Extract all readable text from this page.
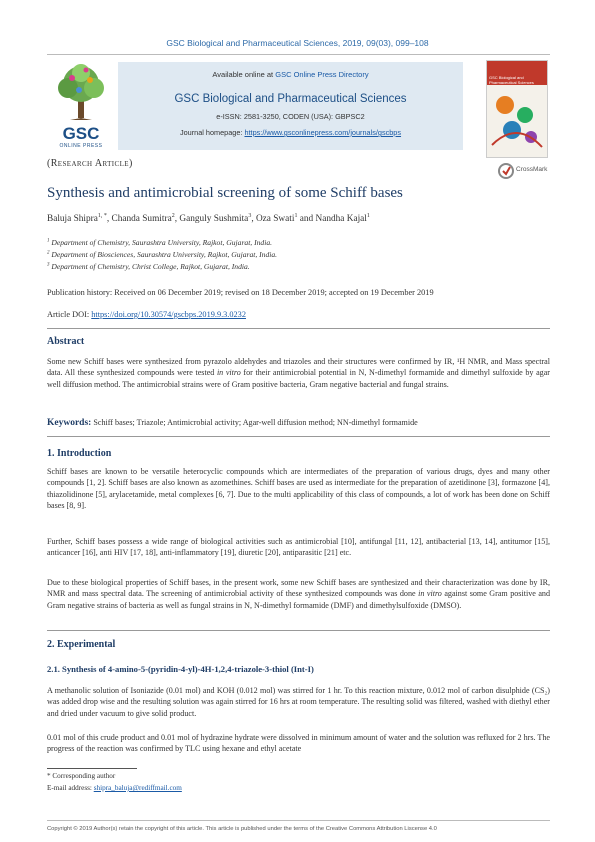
GSC Biological and Pharmaceutical Sciences, 2019, 09(03), 099–108
GSC
ONLINE PRESS
Available online at GSC Online Press Directory
GSC Biological and Pharmaceutical Sciences
e-ISSN: 2581-3250, CODEN (USA): GBPSC2
Journal homepage: https://www.gsconlinepress.com/journals/gscbps
GSC Biological and Pharmaceutical Sciences
CrossMark
(Research Article)
Synthesis and antimicrobial screening of some Schiff bases
Baluja Shipra$^{1, *}$, Chanda Sumitra$^2$, Ganguly Sushmita$^3$, Oza Swati$^1$ and Nandha Kajal$^1$
$^1$ Department of Chemistry, Saurashtra University, Rajkot, Gujarat, India.
$^2$ Department of Biosciences, Saurashtra University, Rajkot, Gujarat, India.
$^3$ Department of Chemistry, Christ College, Rajkot, Gujarat, India.
Publication history: Received on 06 December 2019; revised on 18 December 2019; accepted on 19 December 2019
Article DOI: https://doi.org/10.30574/gscbps.2019.9.3.0232
Abstract
Some new Schiff bases were synthesized from pyrazolo aldehydes and triazoles and their structures were confirmed by IR, ¹H NMR, and Mass spectral data. All these synthesized compounds were tested in vitro for their antimicrobial potential in N, N-dimethyl formamide and dimethyl sulfoxide by agar well diffusion method. The antimicrobial strains were of Gram positive bacteria, Gram negative bacterial and fungal strains.
Keywords: Schiff bases; Triazole; Antimicrobial activity; Agar-well diffusion method; NN-dimethyl formamide
1. Introduction
Schiff bases are known to be versatile heterocyclic compounds which are intermediates of the preparation of various drugs, dyes and many other compounds [1, 2]. Schiff bases are also known as azomethines. Schiff bases are used as intermediate for the preparation of azetidinone [3], formazone [4], thiazolidinone [5], arylacetamide, metal complexes [6, 7]. Due to the multi applicability of this class of compounds, a lot of work has been done on Schiff bases [8, 9].
Further, Schiff bases possess a wide range of biological activities such as antimicrobial [10], antifungal [11, 12], antibacterial [13, 14], antitumor [15], anticancer [16], anti HIV [17, 18], anti-inflammatory [19], diuretic [20], antiparasitic [21] etc.
Due to these biological properties of Schiff bases, in the present work, some new Schiff bases are synthesized and their characterization was done by IR, NMR and mass spectral data. The screening of antimicrobial activity of these synthesized compounds was done in vitro against some Gram positive and Gram negative strains of bacteria as well as fungal strains in N, N-dimethyl formamide (DMF) and dimethylsulfoxide (DMSO).
2. Experimental
2.1. Synthesis of 4-amino-5-(pyridin-4-yl)-4H-1,2,4-triazole-3-thiol (Int-I)
A methanolic solution of Isoniazide (0.01 mol) and KOH (0.012 mol) was stirred for 1 hr. To this reaction mixture, 0.012 mol of carbon disulphide (CS₂) was added drop wise and the resulting solution was again stirred for 16 hrs at room temperature. The resulting solid was filtered, washed with diethyl ether and dried under vacuum to give solid product.
0.01 mol of this crude product and 0.01 mol of hydrazine hydrate were dissolved in minimum amount of water and the solution was refluxed for 2 hrs. The progress of the reaction was confirmed by TLC using hexane and ethyl acetate
* Corresponding author
E-mail address: shipra_baluja@rediffmail.com
Copyright © 2019 Author(s) retain the copyright of this article. This article is published under the terms of the Creative Commons Attribution Liscense 4.0
